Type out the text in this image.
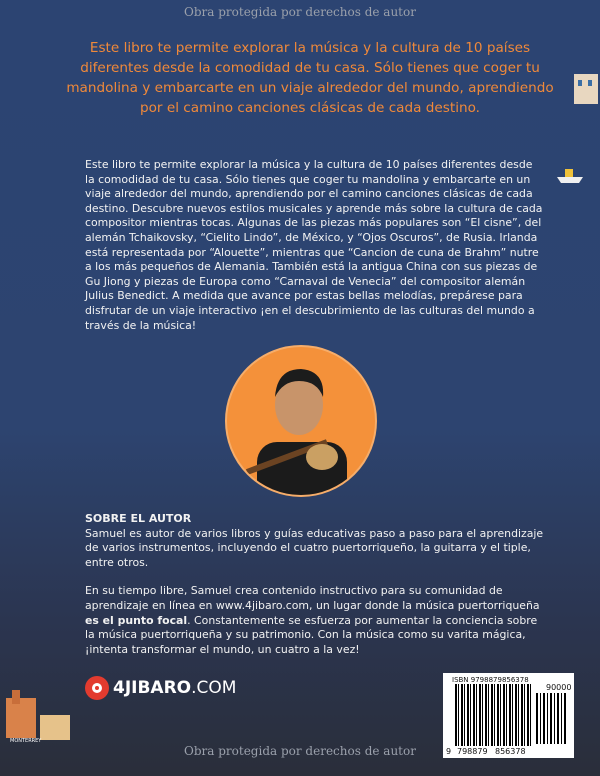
Obra protegida por derechos de autor
Este libro te permite explorar la música y la cultura de 10 países diferentes desde la comodidad de tu casa. Sólo tienes que coger tu mandolina y embarcarte en un viaje alrededor del mundo, aprendiendo por el camino canciones clásicas de cada destino.

Este libro te permite explorar la música y la cultura de 10 países diferentes desde la comodidad de tu casa. Sólo tienes que coger tu mandolina y embarcarte en un viaje alrededor del mundo, aprendiendo por el camino canciones clásicas de cada destino. Descubre nuevos estilos musicales y aprende más sobre la cultura de cada compositor mientras tocas. Algunas de las piezas más populares son “El cisne”, del alemán Tchaikovsky, “Cielito Lindo”, de México, y “Ojos Oscuros”, de Rusia. Irlanda está representada por “Alouette”, mientras que “Cancion de cuna de Brahm” nutre a los más pequeños de Alemania. También está la antigua China con sus piezas de Gu Jiong y piezas de Europa como “Carnaval de Venecia” del compositor alemán Julius Benedict. A medida que avance por estas bellas melodías, prepárese para disfrutar de un viaje interactivo ¡en el descubrimiento de las culturas del mundo a través de la música!

SOBRE EL AUTOR

Samuel es autor de varios libros y guías educativas paso a paso para el aprendizaje de varios instrumentos, incluyendo el cuatro puertorriqueño, la guitarra y el tiple, entre otros.

En su tiempo libre, Samuel crea contenido instructivo para su comunidad de aprendizaje en línea en www.4jibaro.com, un lugar donde la música puertorriqueña es el punto focal. Constantemente se esfuerza por aumentar la conciencia sobre la música puertorriqueña y su patrimonio. Con la música como su varita mágica, ¡intenta transformar el mundo, un cuatro a la vez!

4JIBARO.COM
MONTERREY
ISBN 9798879856378
90000
9 798879 856378
Obra protegida por derechos de autor
